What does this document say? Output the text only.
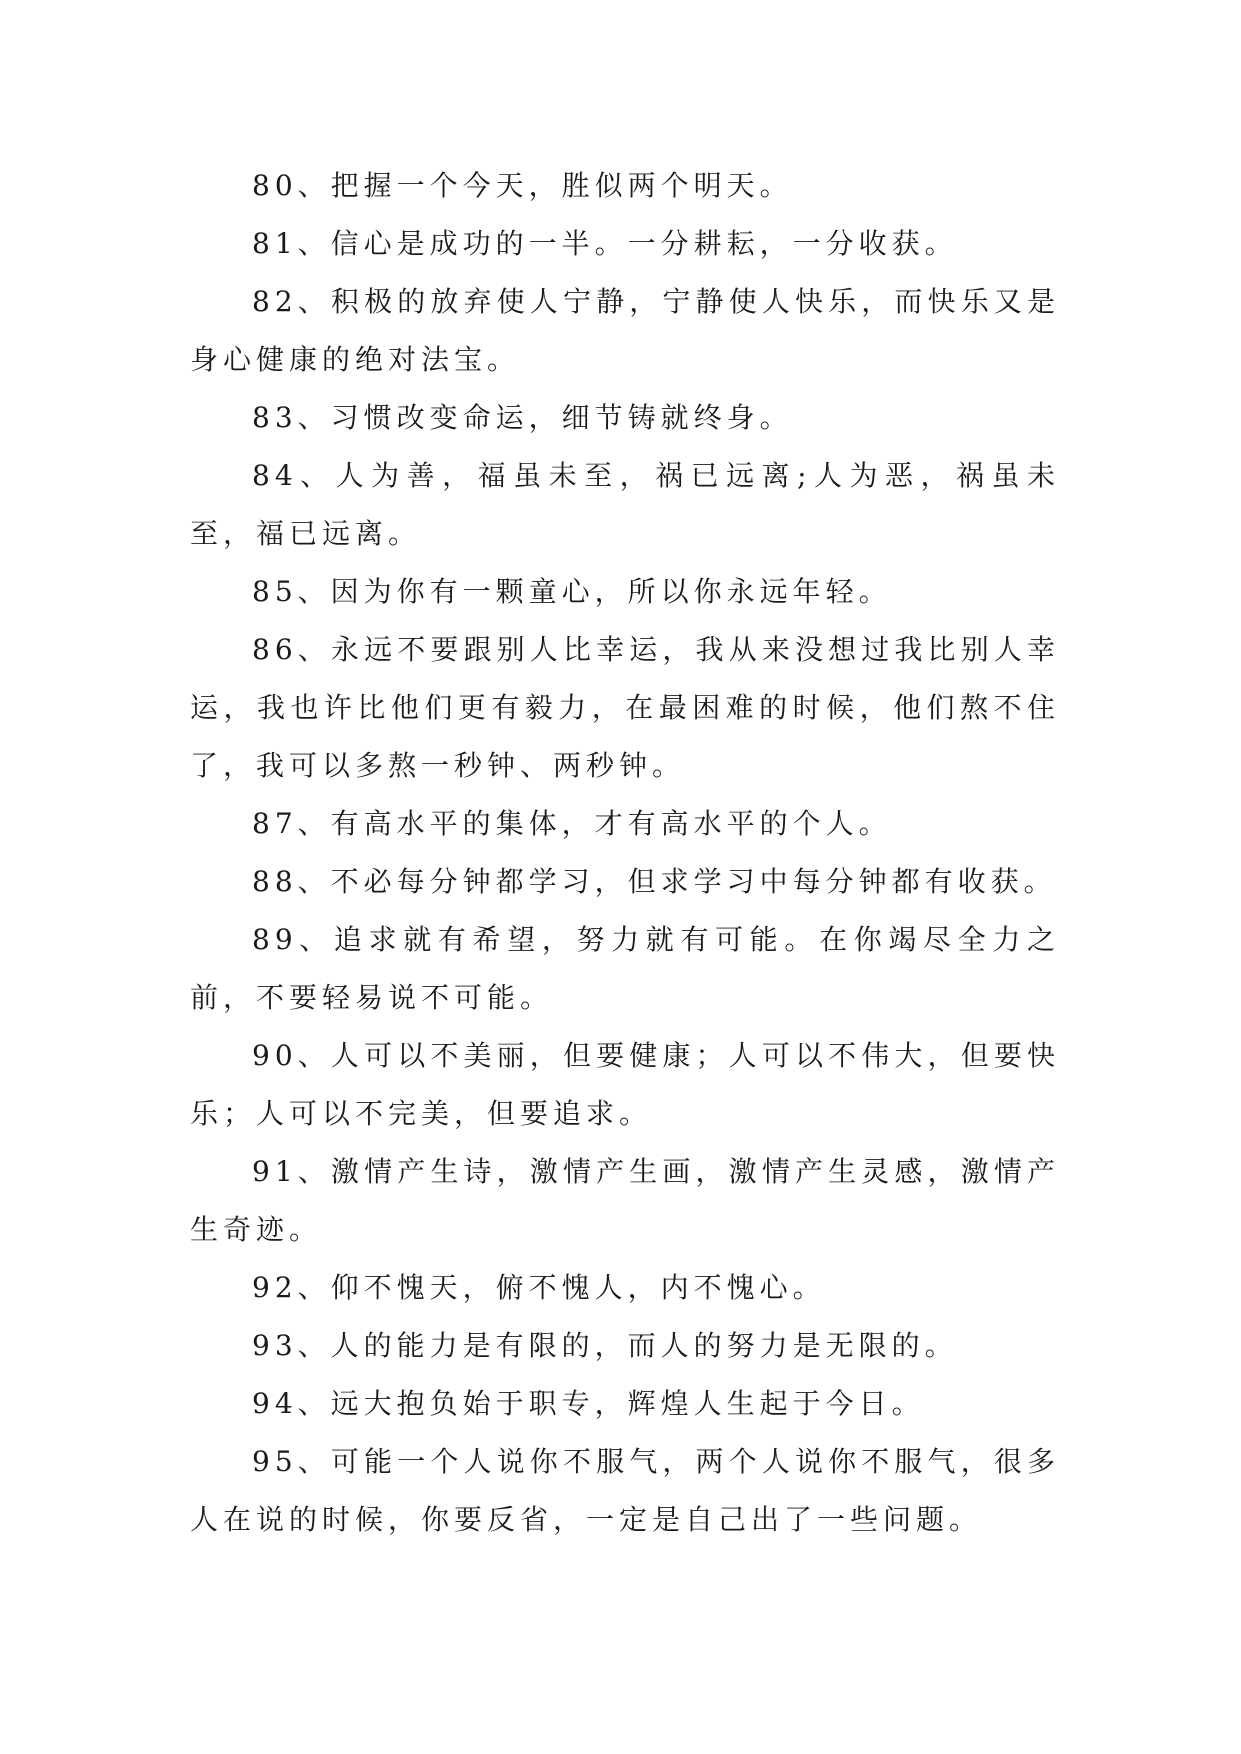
80、把握一个今天，胜似两个明天。

81、信心是成功的一半。一分耕耘，一分收获。

82、积极的放弃使人宁静，宁静使人快乐，而快乐又是身心健康的绝对法宝。

83、习惯改变命运，细节铸就终身。

84、人为善，福虽未至，祸已远离;人为恶，祸虽未至，福已远离。

85、因为你有一颗童心，所以你永远年轻。

86、永远不要跟别人比幸运，我从来没想过我比别人幸运，我也许比他们更有毅力，在最困难的时候，他们熬不住了，我可以多熬一秒钟、两秒钟。

87、有高水平的集体，才有高水平的个人。

88、不必每分钟都学习，但求学习中每分钟都有收获。

89、追求就有希望，努力就有可能。在你竭尽全力之前，不要轻易说不可能。

90、人可以不美丽，但要健康；人可以不伟大，但要快乐；人可以不完美，但要追求。

91、激情产生诗，激情产生画，激情产生灵感，激情产生奇迹。

92、仰不愧天，俯不愧人，内不愧心。

93、人的能力是有限的，而人的努力是无限的。

94、远大抱负始于职专，辉煌人生起于今日。

95、可能一个人说你不服气，两个人说你不服气，很多人在说的时候，你要反省，一定是自己出了一些问题。
